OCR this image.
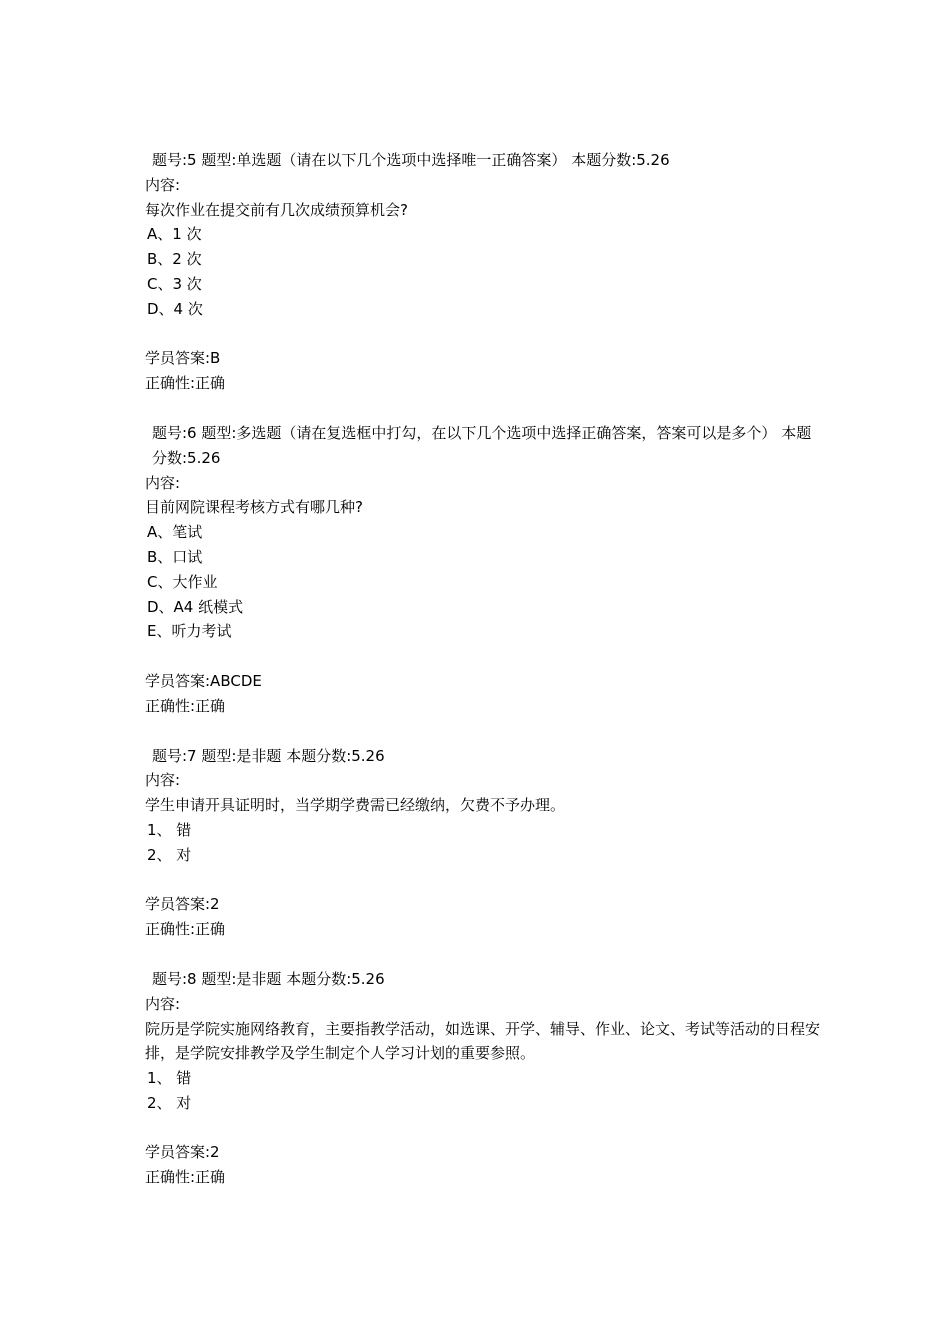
题号:5 题型:单选题（请在以下几个选项中选择唯一正确答案） 本题分数:5.26
内容:
每次作业在提交前有几次成绩预算机会?
A、1 次
B、2 次
C、3 次
D、4 次
学员答案:B
正确性:正确
题号:6 题型:多选题（请在复选框中打勾，在以下几个选项中选择正确答案，答案可以是多个） 本题分数:5.26
内容:
目前网院课程考核方式有哪几种?
A、笔试
B、口试
C、大作业
D、A4 纸模式
E、听力考试
学员答案:ABCDE
正确性:正确
题号:7 题型:是非题 本题分数:5.26
内容:
学生申请开具证明时，当学期学费需已经缴纳，欠费不予办理。
1、 错
2、 对
学员答案:2
正确性:正确
题号:8 题型:是非题 本题分数:5.26
内容:
院历是学院实施网络教育，主要指教学活动，如选课、开学、辅导、作业、论文、考试等活动的日程安排，是学院安排教学及学生制定个人学习计划的重要参照。
1、 错
2、 对
学员答案:2
正确性:正确
